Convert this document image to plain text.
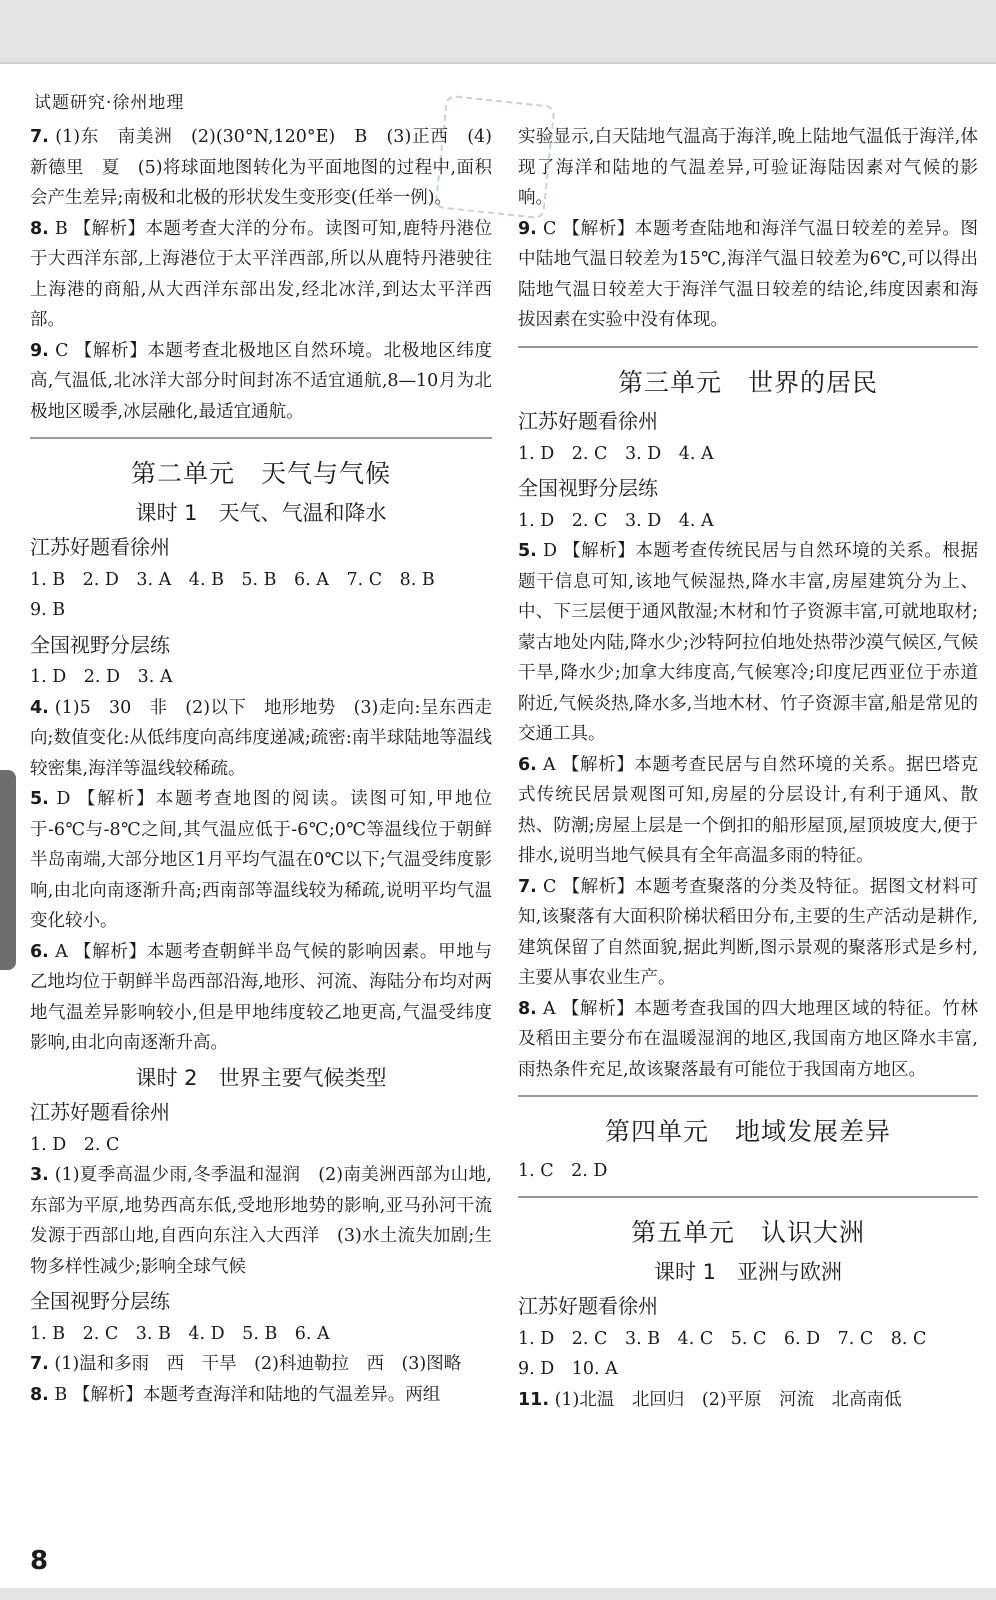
试题研究·徐州地理
7. (1)东　南美洲　(2)(30°N,120°E)　B　(3)正西　(4)新德里　夏　(5)将球面地图转化为平面地图的过程中,面积会产生差异;南极和北极的形状发生变形变(任举一例)。
8. B 【解析】本题考查大洋的分布。读图可知,鹿特丹港位于大西洋东部,上海港位于太平洋西部,所以从鹿特丹港驶往上海港的商船,从大西洋东部出发,经北冰洋,到达太平洋西部。
9. C 【解析】本题考查北极地区自然环境。北极地区纬度高,气温低,北冰洋大部分时间封冻不适宜通航,8—10月为北极地区暖季,冰层融化,最适宜通航。
第二单元　天气与气候
课时 1　天气、气温和降水
江苏好题看徐州
1. B　2. D　3. A　4. B　5. B　6. A　7. C　8. B
9. B
全国视野分层练
1. D　2. D　3. A
4. (1)5　30　非　(2)以下　地形地势　(3)走向:呈东西走向;数值变化:从低纬度向高纬度递减;疏密:南半球陆地等温线较密集,海洋等温线较稀疏。
5. D 【解析】本题考查地图的阅读。读图可知,甲地位于-6℃与-8℃之间,其气温应低于-6℃;0℃等温线位于朝鲜半岛南端,大部分地区1月平均气温在0℃以下;气温受纬度影响,由北向南逐渐升高;西南部等温线较为稀疏,说明平均气温变化较小。
6. A 【解析】本题考查朝鲜半岛气候的影响因素。甲地与乙地均位于朝鲜半岛西部沿海,地形、河流、海陆分布均对两地气温差异影响较小,但是甲地纬度较乙地更高,气温受纬度影响,由北向南逐渐升高。
课时 2　世界主要气候类型
江苏好题看徐州
1. D　2. C
3. (1)夏季高温少雨,冬季温和湿润　(2)南美洲西部为山地,东部为平原,地势西高东低,受地形地势的影响,亚马孙河干流发源于西部山地,自西向东注入大西洋　(3)水土流失加剧;生物多样性减少;影响全球气候
全国视野分层练
1. B　2. C　3. B　4. D　5. B　6. A
7. (1)温和多雨　西　干旱　(2)科迪勒拉　西　(3)图略
8. B 【解析】本题考查海洋和陆地的气温差异。两组
实验显示,白天陆地气温高于海洋,晚上陆地气温低于海洋,体现了海洋和陆地的气温差异,可验证海陆因素对气候的影响。
9. C 【解析】本题考查陆地和海洋气温日较差的差异。图中陆地气温日较差为15℃,海洋气温日较差为6℃,可以得出陆地气温日较差大于海洋气温日较差的结论,纬度因素和海拔因素在实验中没有体现。
第三单元　世界的居民
江苏好题看徐州
1. D　2. C　3. D　4. A
全国视野分层练
1. D　2. C　3. D　4. A
5. D 【解析】本题考查传统民居与自然环境的关系。根据题干信息可知,该地气候湿热,降水丰富,房屋建筑分为上、中、下三层便于通风散湿;木材和竹子资源丰富,可就地取材;蒙古地处内陆,降水少;沙特阿拉伯地处热带沙漠气候区,气候干旱,降水少;加拿大纬度高,气候寒冷;印度尼西亚位于赤道附近,气候炎热,降水多,当地木材、竹子资源丰富,船是常见的交通工具。
6. A 【解析】本题考查民居与自然环境的关系。据巴塔克式传统民居景观图可知,房屋的分层设计,有利于通风、散热、防潮;房屋上层是一个倒扣的船形屋顶,屋顶坡度大,便于排水,说明当地气候具有全年高温多雨的特征。
7. C 【解析】本题考查聚落的分类及特征。据图文材料可知,该聚落有大面积阶梯状稻田分布,主要的生产活动是耕作,建筑保留了自然面貌,据此判断,图示景观的聚落形式是乡村,主要从事农业生产。
8. A 【解析】本题考查我国的四大地理区域的特征。竹林及稻田主要分布在温暖湿润的地区,我国南方地区降水丰富,雨热条件充足,故该聚落最有可能位于我国南方地区。
第四单元　地域发展差异
1. C　2. D
第五单元　认识大洲
课时 1　亚洲与欧洲
江苏好题看徐州
1. D　2. C　3. B　4. C　5. C　6. D　7. C　8. C
9. D　10. A
11. (1)北温　北回归　(2)平原　河流　北高南低
8
